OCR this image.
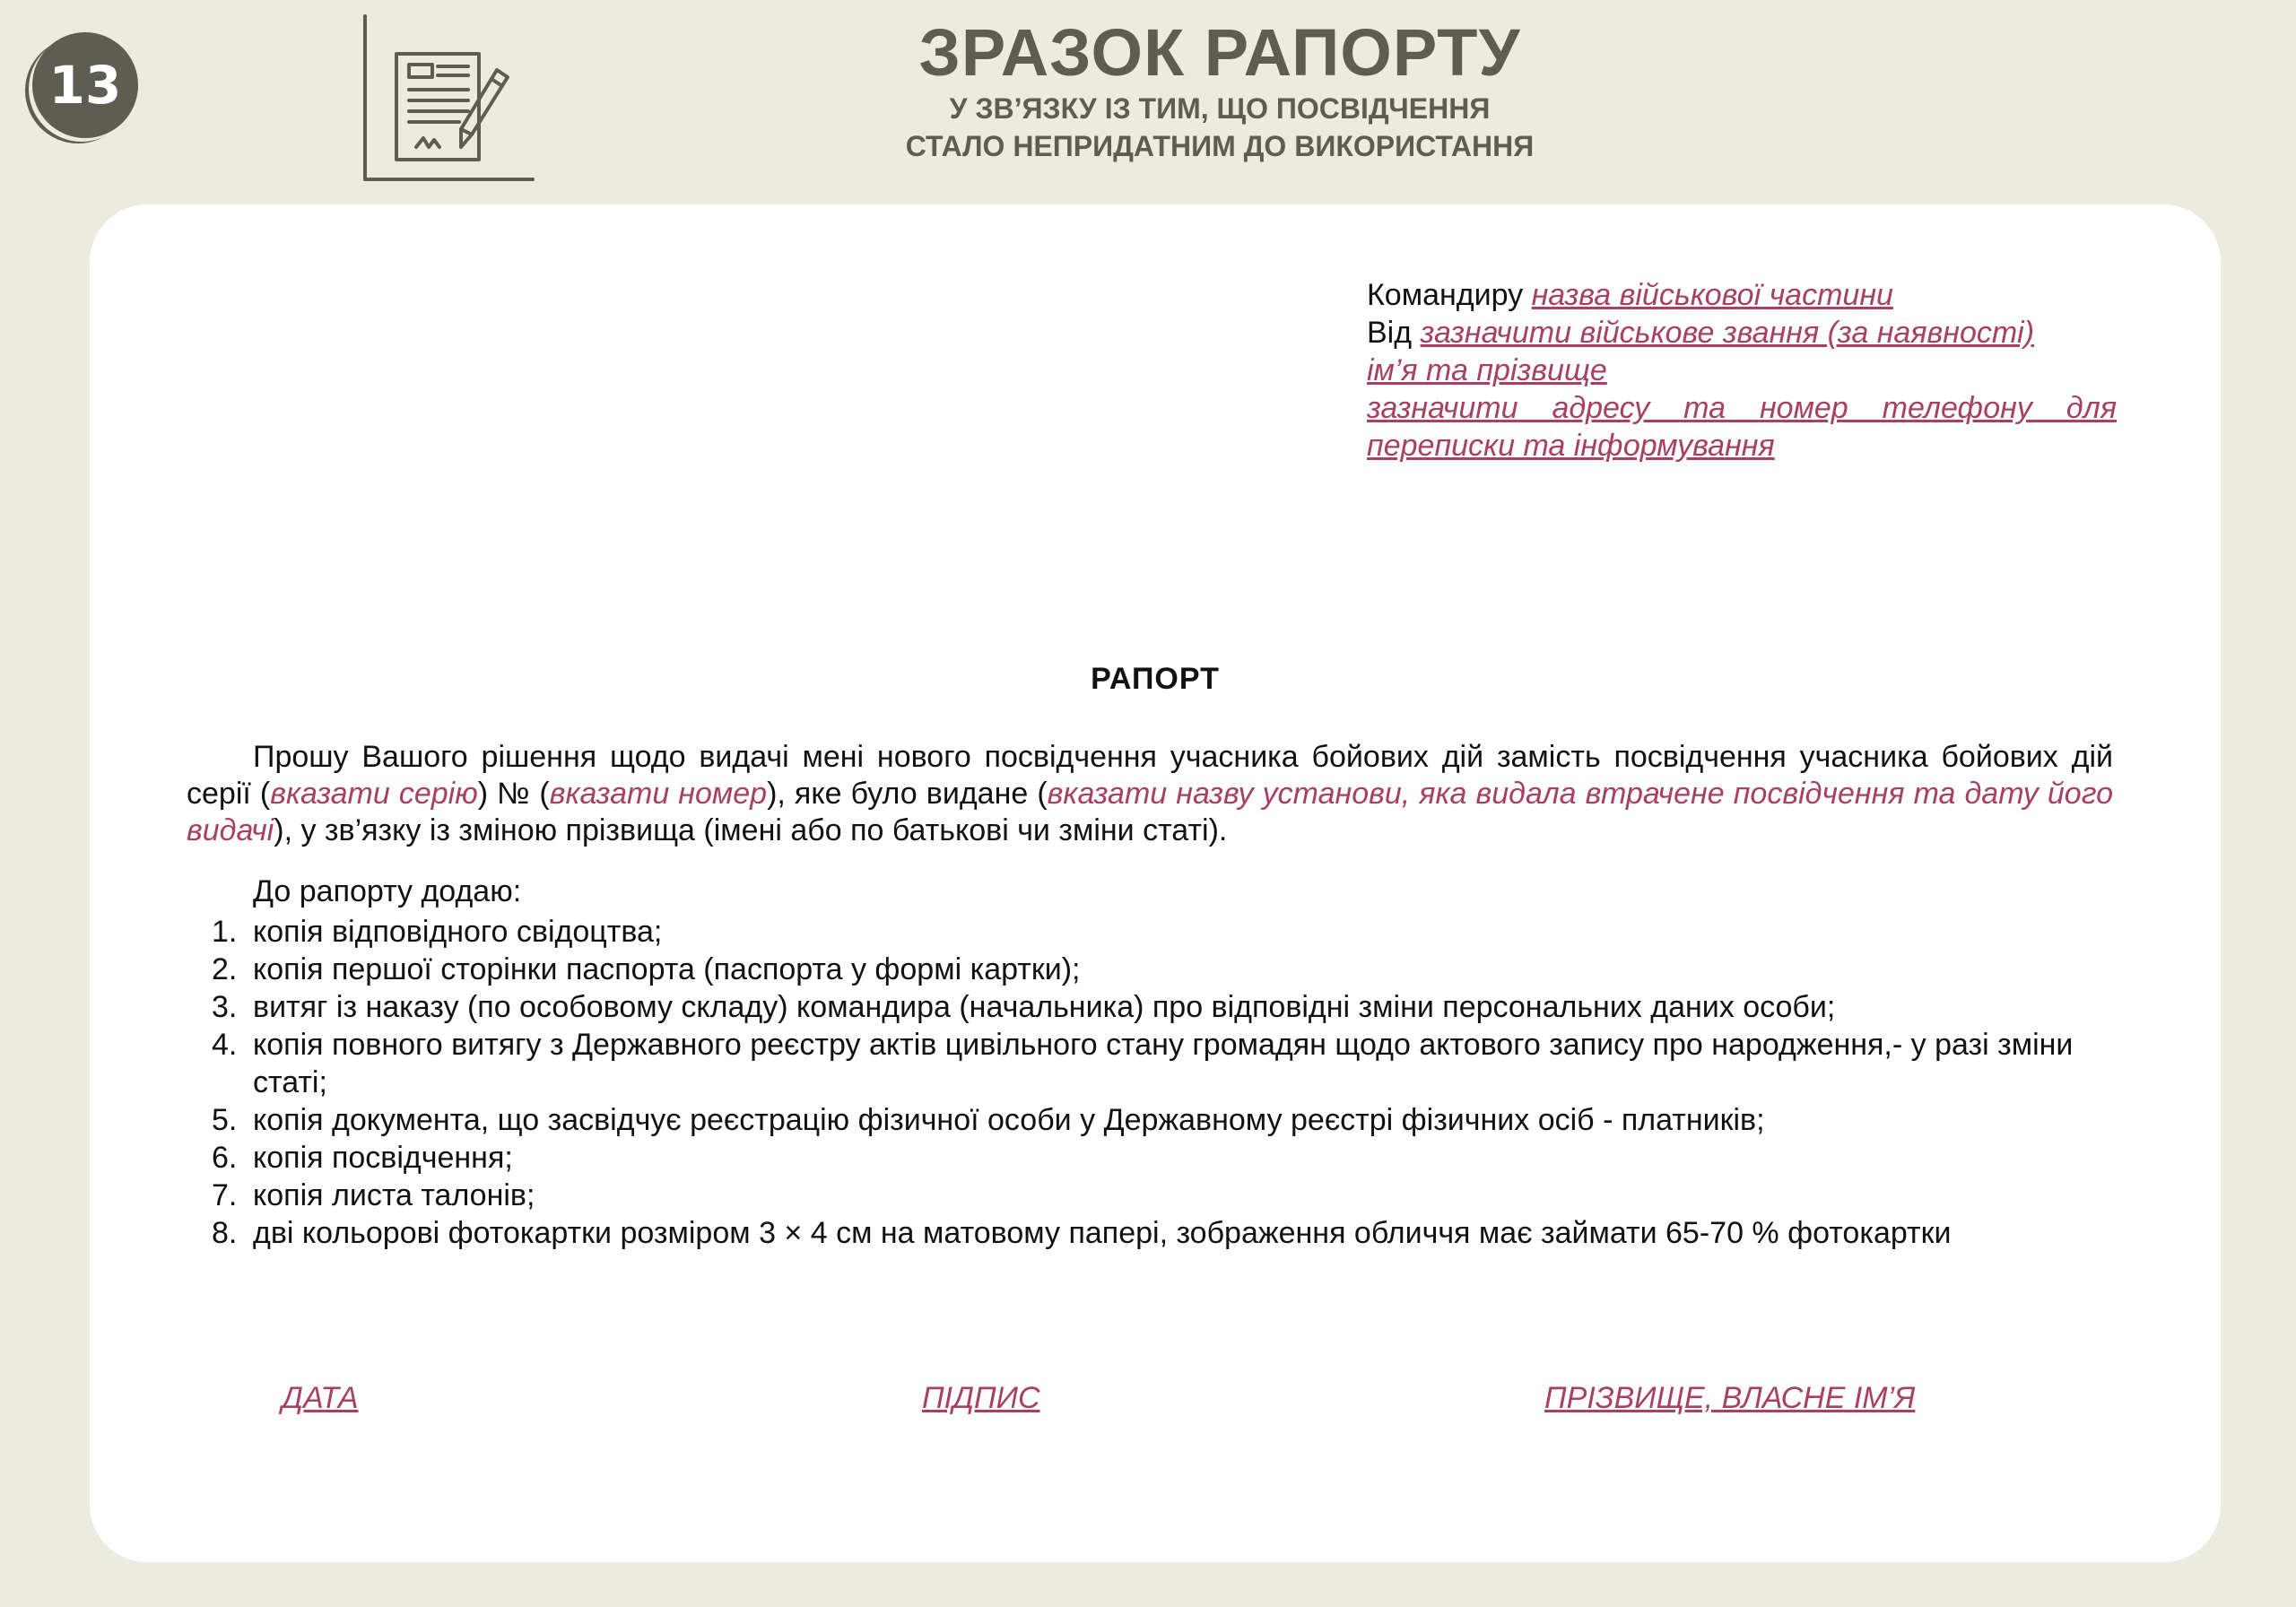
13	ЗРАЗОК РАПОРТУ
У ЗВ’ЯЗКУ ІЗ ТИМ, ЩО ПОСВІДЧЕННЯ
СТАЛО НЕПРИДАТНИМ ДО ВИКОРИСТАННЯ
Командиру назва військової частини
Від зазначити військове звання (за наявності)
ім’я та прізвище
зазначити адресу та номер телефону для
переписки та інформування
РАПОРТ
Прошу Вашого рішення щодо видачі мені нового посвідчення учасника бойових дій замість посвідчення учасника бойових дій серії (вказати серію) № (вказати номер), яке було видане (вказати назву установи, яка видала втрачене посвідчення та дату його видачі), у зв’язку із зміною прізвища (імені або по батькові чи зміни статі).
До рапорту додаю:
1. копія відповідного свідоцтва;
2. копія першої сторінки паспорта (паспорта у формі картки);
3. витяг із наказу (по особовому складу) командира (начальника) про відповідні зміни персональних даних особи;
4. копія повного витягу з Державного реєстру актів цивільного стану громадян щодо актового запису про народження,- у разі зміни статі;
5. копія документа, що засвідчує реєстрацію фізичної особи у Державному реєстрі фізичних осіб - платників;
6. копія посвідчення;
7. копія листа талонів;
8. дві кольорові фотокартки розміром 3 × 4 см на матовому папері, зображення обличчя має займати 65-70 % фотокартки
ДАТА	ПІДПИС	ПРІЗВИЩЕ, ВЛАСНЕ ІМ’Я
